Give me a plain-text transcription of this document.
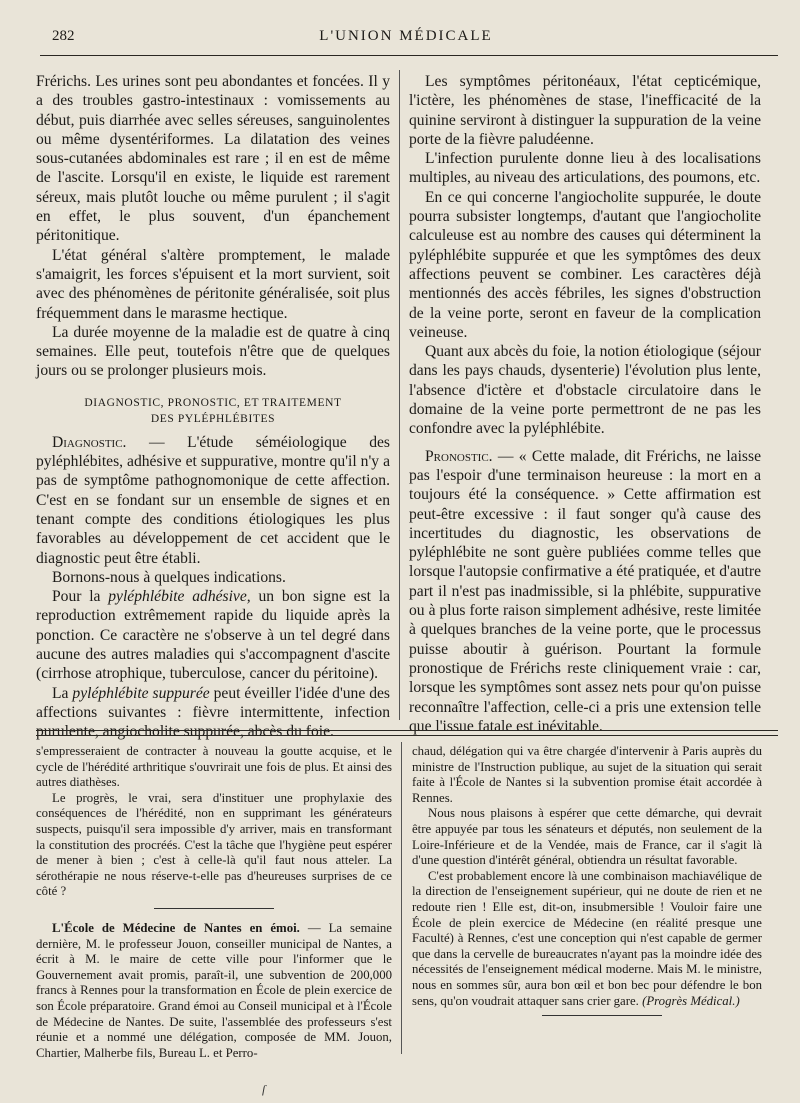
282	L'UNION MÉDICALE

Frérichs. Les urines sont peu abondantes et foncées. Il y a des troubles gastro-intestinaux : vomissements au début, puis diarrhée avec selles séreuses, sanguinolentes ou même dysentériformes. La dilatation des veines sous-cutanées abdominales est rare ; il en est de même de l'ascite. Lorsqu'il en existe, le liquide est rarement séreux, mais plutôt louche ou même purulent ; il s'agit en effet, le plus souvent, d'un épanchement péritonitique.

L'état général s'altère promptement, le malade s'amaigrit, les forces s'épuisent et la mort survient, soit avec des phénomènes de péritonite généralisée, soit plus fréquemment dans le marasme hectique.

La durée moyenne de la maladie est de quatre à cinq semaines. Elle peut, toutefois n'être que de quelques jours ou se prolonger plusieurs mois.

DIAGNOSTIC, PRONOSTIC, ET TRAITEMENT
DES PYLÉPHLÉBITES

Diagnostic. — L'étude séméiologique des pyléphlébites, adhésive et suppurative, montre qu'il n'y a pas de symptôme pathognomonique de cette affection. C'est en se fondant sur un ensemble de signes et en tenant compte des conditions étiologiques les plus favorables au développement de cet accident que le diagnostic peut être établi.

Bornons-nous à quelques indications.

Pour la pyléphlébite adhésive, un bon signe est la reproduction extrêmement rapide du liquide après la ponction. Ce caractère ne s'observe à un tel degré dans aucune des autres maladies qui s'accompagnent d'ascite (cirrhose atrophique, tuberculose, cancer du péritoine).

La pyléphlébite suppurée peut éveiller l'idée d'une des affections suivantes : fièvre intermittente, infection purulente, angiocholite suppurée, abcès du foie.

Les symptômes péritonéaux, l'état cepticémique, l'ictère, les phénomènes de stase, l'inefficacité de la quinine serviront à distinguer la suppuration de la veine porte de la fièvre paludéenne.

L'infection purulente donne lieu à des localisations multiples, au niveau des articulations, des poumons, etc.

En ce qui concerne l'angiocholite suppurée, le doute pourra subsister longtemps, d'autant que l'angiocholite calculeuse est au nombre des causes qui déterminent la pyléphlébite suppurée et que les symptômes des deux affections peuvent se combiner. Les caractères déjà mentionnés des accès fébriles, les signes d'obstruction de la veine porte, seront en faveur de la complication veineuse.

Quant aux abcès du foie, la notion étiologique (séjour dans les pays chauds, dysenterie) l'évolution plus lente, l'absence d'ictère et d'obstacle circulatoire dans le domaine de la veine porte permettront de ne pas les confondre avec la pyléphlébite.

Pronostic. — « Cette malade, dit Frérichs, ne laisse pas l'espoir d'une terminaison heureuse : la mort en a toujours été la conséquence. » Cette affirmation est peut-être excessive : il faut songer qu'à cause des incertitudes du diagnostic, les observations de pyléphlébite ne sont guère publiées comme telles que lorsque l'autopsie confirmative a été pratiquée, et d'autre part il n'est pas inadmissible, si la phlébite, suppurative ou à plus forte raison simplement adhésive, reste limitée à quelques branches de la veine porte, que le processus puisse aboutir à guérison. Pourtant la formule pronostique de Frérichs reste cliniquement vraie : car, lorsque les symptômes sont assez nets pour qu'on puisse reconnaître l'affection, celle-ci a pris une extension telle que l'issue fatale est inévitable.

s'empresseraient de contracter à nouveau la goutte acquise, et le cycle de l'hérédité arthritique s'ouvrirait une fois de plus. Et ainsi des autres diathèses.

Le progrès, le vrai, sera d'instituer une prophylaxie des conséquences de l'hérédité, non en supprimant les générateurs suspects, puisqu'il sera impossible d'y arriver, mais en transformant la constitution des procréés. C'est la tâche que l'hygiène peut espérer de mener à bien ; c'est à celle-là qu'il faut nous atteler. La sérothérapie ne nous réserve-t-elle pas d'heureuses surprises de ce côté ?

L'École de Médecine de Nantes en émoi. — La semaine dernière, M. le professeur Jouon, conseiller municipal de Nantes, a écrit à M. le maire de cette ville pour l'informer que le Gouvernement avait promis, paraît-il, une subvention de 200,000 francs à Rennes pour la transformation en École de plein exercice de son École préparatoire. Grand émoi au Conseil municipal et à l'École de Médecine de Nantes. De suite, l'assemblée des professeurs s'est réunie et a nommé une délégation, composée de MM. Jouon, Chartier, Malherbe fils, Bureau L. et Perro-

chaud, délégation qui va être chargée d'intervenir à Paris auprès du ministre de l'Instruction publique, au sujet de la situation qui serait faite à l'École de Nantes si la subvention promise était accordée à Rennes.

Nous nous plaisons à espérer que cette démarche, qui devrait être appuyée par tous les sénateurs et députés, non seulement de la Loire-Inférieure et de la Vendée, mais de France, car il s'agit là d'une question d'intérêt général, obtiendra un résultat favorable.

C'est probablement encore là une combinaison machiavélique de la direction de l'enseignement supérieur, qui ne doute de rien et ne redoute rien ! Elle est, dit-on, insubmersible ! Vouloir faire une École de plein exercice de Médecine (en réalité presque une Faculté) à Rennes, c'est une conception qui n'est capable de germer que dans la cervelle de bureaucrates n'ayant pas la moindre idée des nécessités de l'enseignement médical moderne. Mais M. le ministre, nous en sommes sûr, aura bon œil et bon bec pour défendre le bon sens, qu'on voudrait attaquer sans crier gare. (Progrès Médical.)

ſ
